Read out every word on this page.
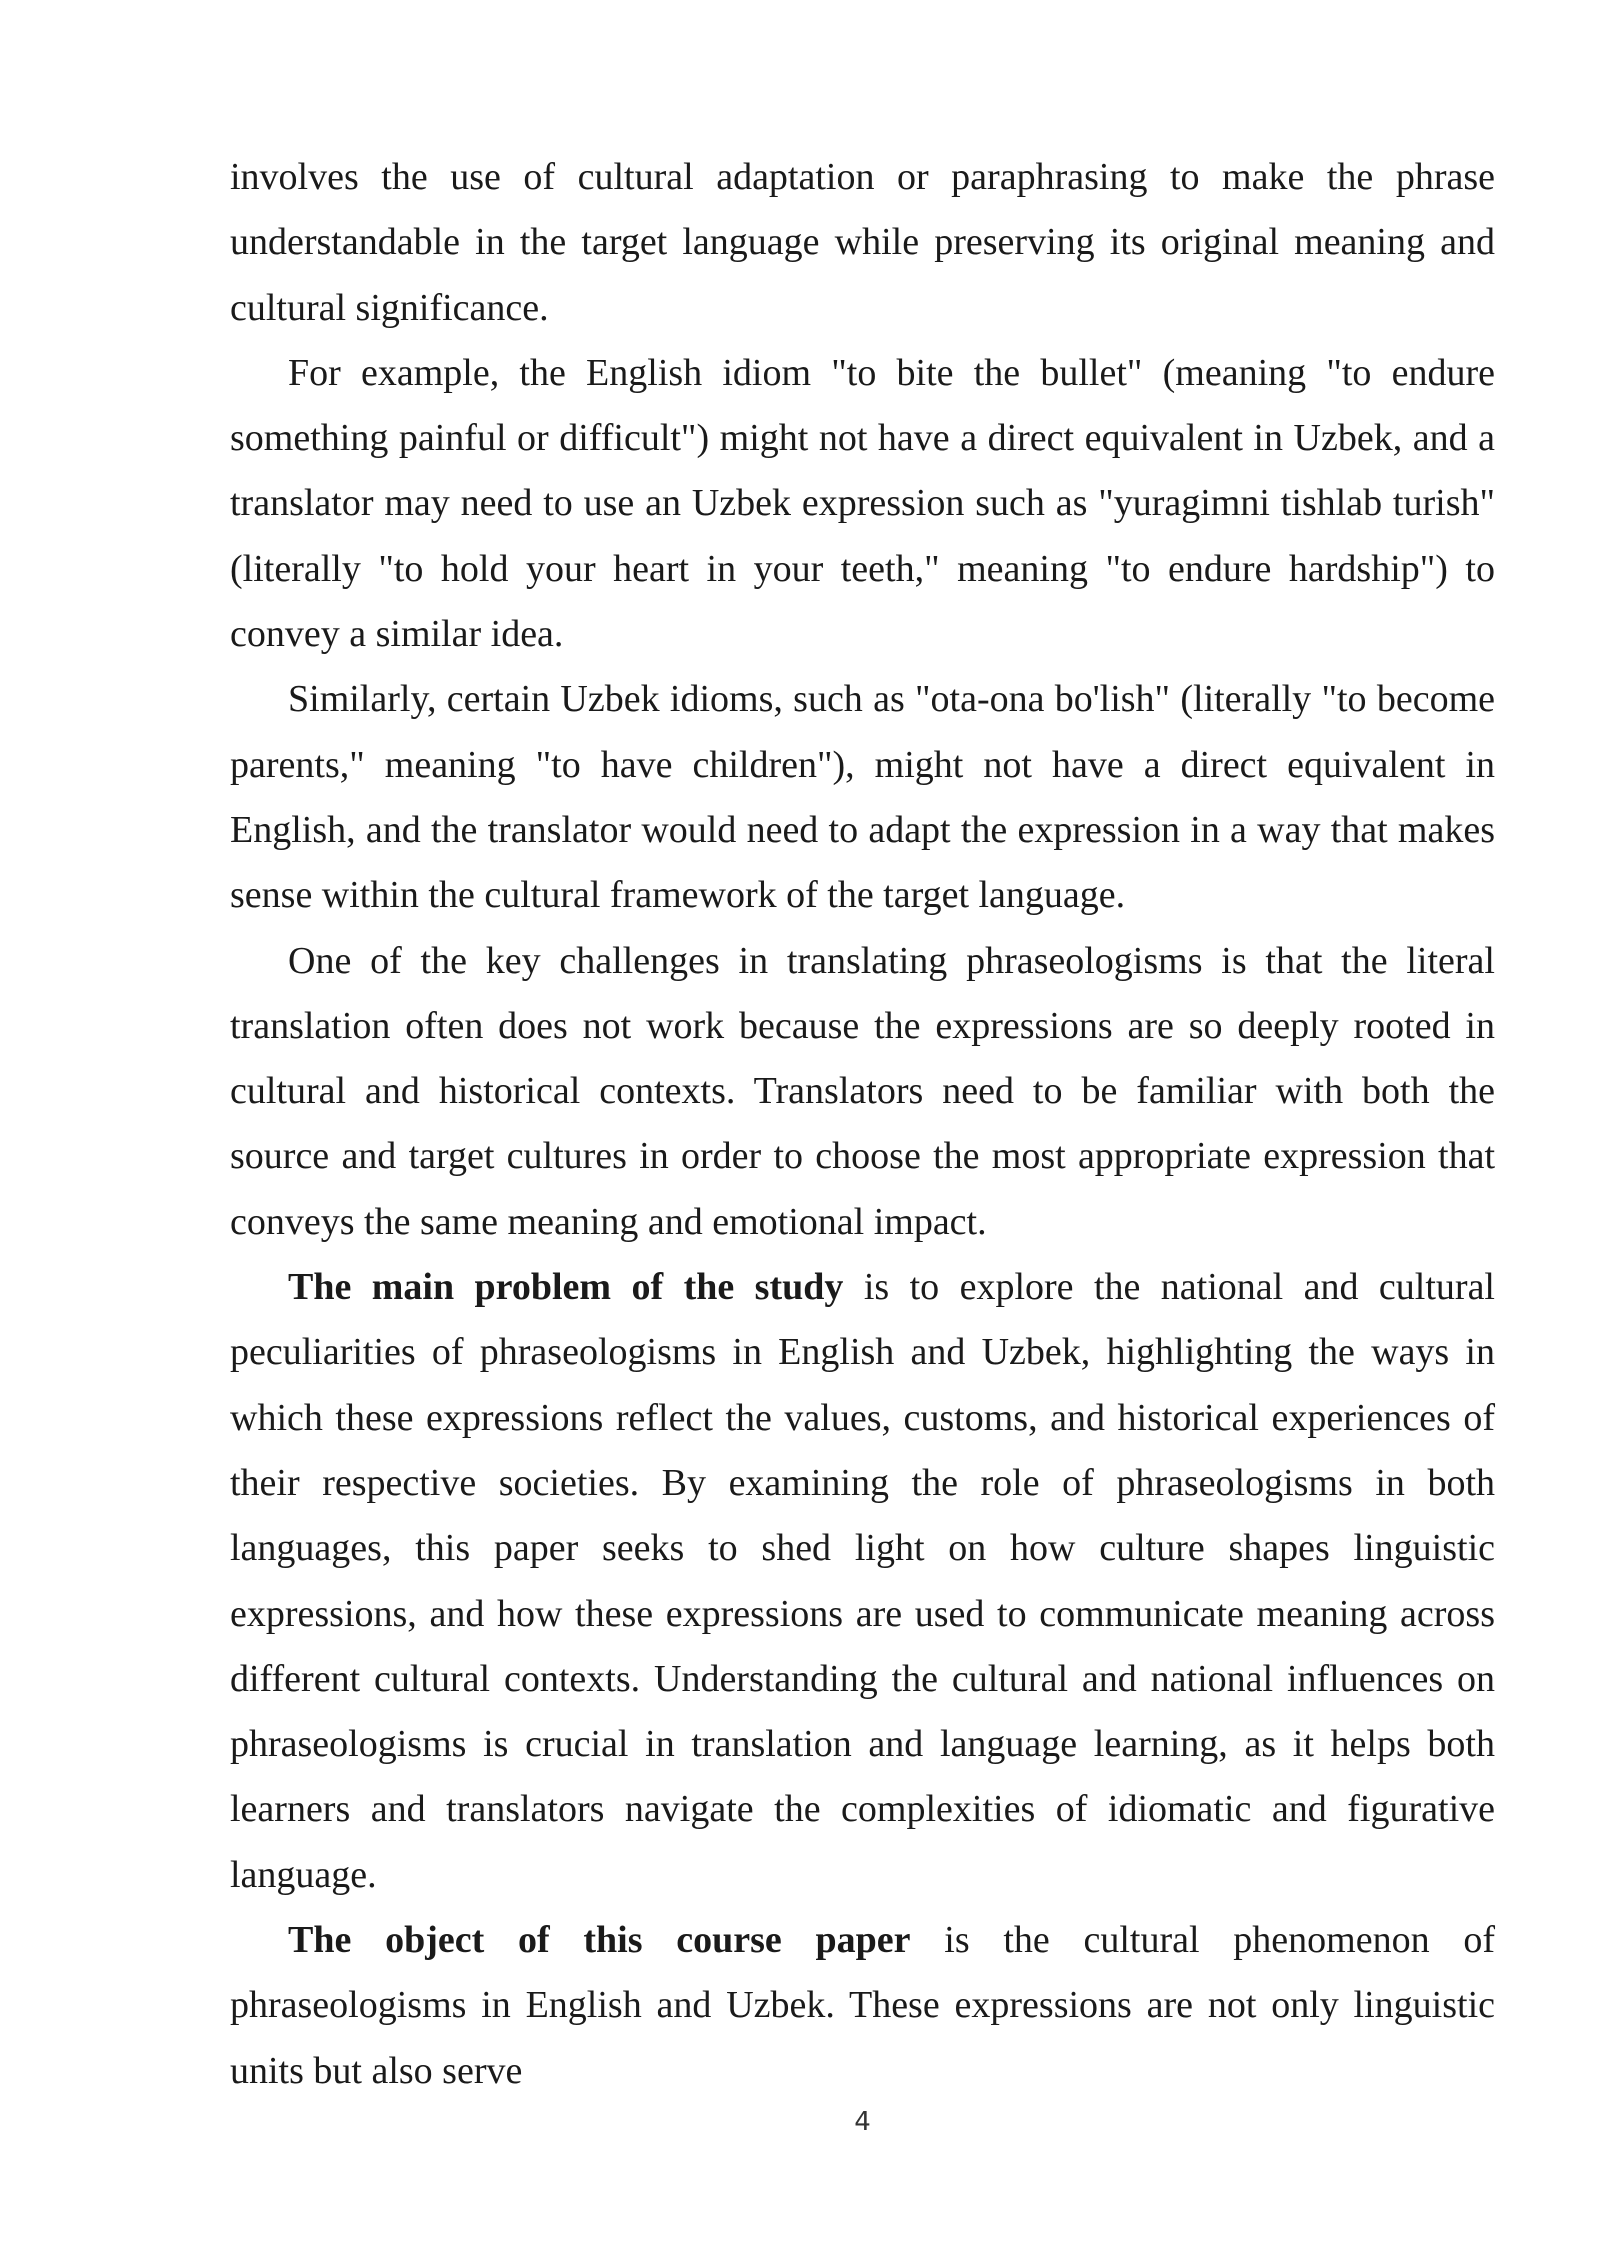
involves the use of cultural adaptation or paraphrasing to make the phrase understandable in the target language while preserving its original meaning and cultural significance.

For example, the English idiom "to bite the bullet" (meaning "to endure something painful or difficult") might not have a direct equivalent in Uzbek, and a translator may need to use an Uzbek expression such as "yuragimni tishlab turish" (literally "to hold your heart in your teeth," meaning "to endure hardship") to convey a similar idea.

Similarly, certain Uzbek idioms, such as "ota-ona bo'lish" (literally "to become parents," meaning "to have children"), might not have a direct equivalent in English, and the translator would need to adapt the expression in a way that makes sense within the cultural framework of the target language.

One of the key challenges in translating phraseologisms is that the literal translation often does not work because the expressions are so deeply rooted in cultural and historical contexts. Translators need to be familiar with both the source and target cultures in order to choose the most appropriate expression that conveys the same meaning and emotional impact.

The main problem of the study is to explore the national and cultural peculiarities of phraseologisms in English and Uzbek, highlighting the ways in which these expressions reflect the values, customs, and historical experiences of their respective societies. By examining the role of phraseologisms in both languages, this paper seeks to shed light on how culture shapes linguistic expressions, and how these expressions are used to communicate meaning across different cultural contexts. Understanding the cultural and national influences on phraseologisms is crucial in translation and language learning, as it helps both learners and translators navigate the complexities of idiomatic and figurative language.

The object of this course paper is the cultural phenomenon of phraseologisms in English and Uzbek. These expressions are not only linguistic units but also serve

4
